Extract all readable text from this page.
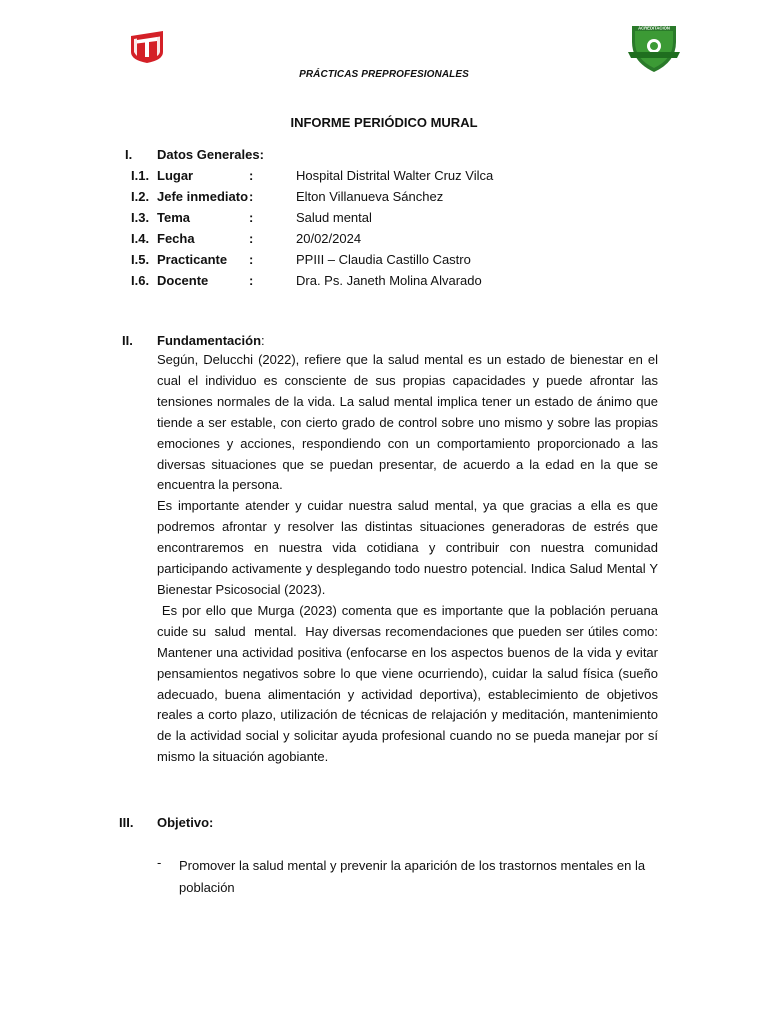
ACREDITACIÓN
PRÁCTICAS PREPROFESIONALES
INFORME PERIÓDICO MURAL
I. Datos Generales:
I.1. Lugar	:	Hospital Distrital Walter Cruz Vilca
I.2. Jefe inmediato :	Elton Villanueva Sánchez
I.3. Tema	:	Salud mental
I.4. Fecha	:	20/02/2024
I.5. Practicante :	PPIII – Claudia Castillo Castro
I.6. Docente	:	Dra. Ps. Janeth Molina Alvarado
II. Fundamentación:

Según, Delucchi (2022), refiere que la salud mental es un estado de bienestar en el cual el individuo es consciente de sus propias capacidades y puede afrontar las tensiones normales de la vida. La salud mental implica tener un estado de ánimo que tiende a ser estable, con cierto grado de control sobre uno mismo y sobre las propias emociones y acciones, respondiendo con un comportamiento proporcionado a las diversas situaciones que se puedan presentar, de acuerdo a la edad en la que se encuentra la persona.

Es importante atender y cuidar nuestra salud mental, ya que gracias a ella es que podremos afrontar y resolver las distintas situaciones generadoras de estrés que encontraremos en nuestra vida cotidiana y contribuir con nuestra comunidad participando activamente y desplegando todo nuestro potencial. Indica Salud Mental Y Bienestar Psicosocial (2023).

Es por ello que Murga (2023) comenta que es importante que la población peruana cuide su  salud  mental.  Hay diversas recomendaciones que pueden ser útiles como: Mantener una actividad positiva (enfocarse en los aspectos buenos de la vida y evitar pensamientos negativos sobre lo que viene ocurriendo), cuidar la salud física (sueño adecuado, buena alimentación y actividad deportiva), establecimiento de objetivos reales a corto plazo, utilización de técnicas de relajación y meditación, mantenimiento de la actividad social y solicitar ayuda profesional cuando no se pueda manejar por sí mismo la situación agobiante.

III. Objetivo:
- Promover la salud mental y prevenir la aparición de los trastornos mentales en la población
